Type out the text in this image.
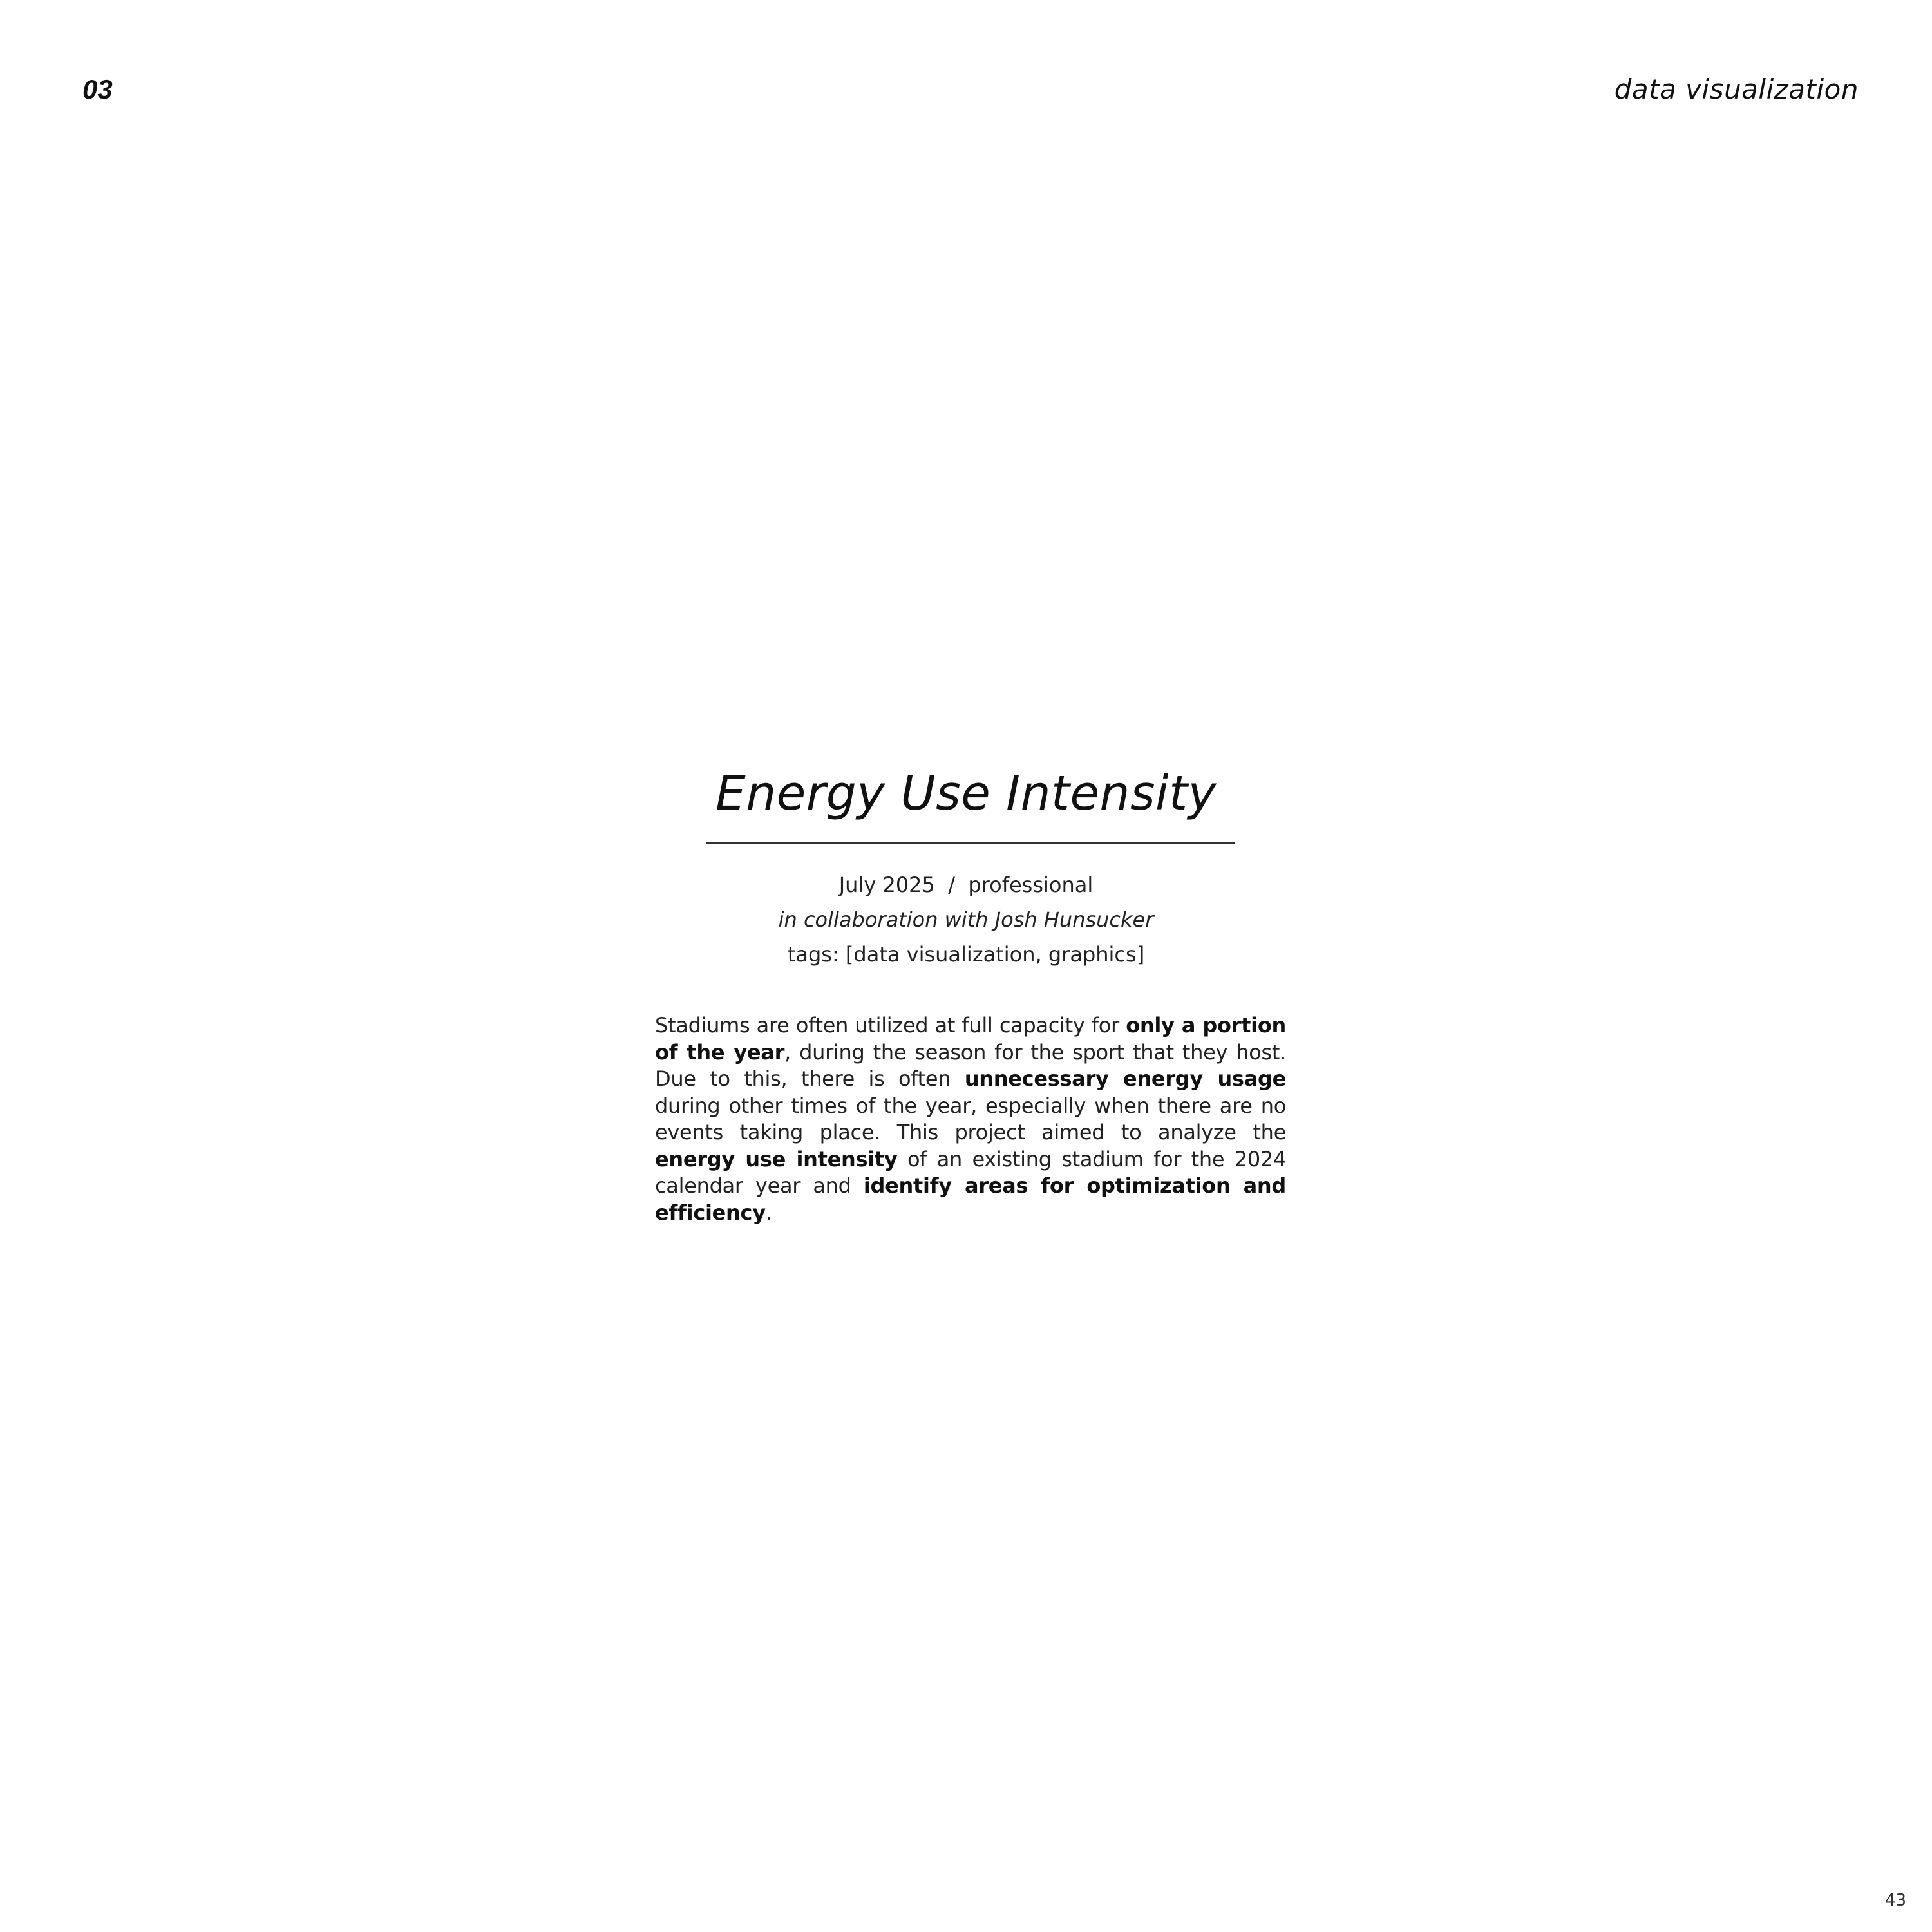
03	data visualization
Energy Use Intensity
July 2025  /  professional
in collaboration with Josh Hunsucker
tags: [data visualization, graphics]

Stadiums are often utilized at full capacity for only a portion of the year, during the season for the sport that they host. Due to this, there is often unnecessary energy usage during other times of the year, especially when there are no events taking place. This project aimed to analyze the energy use intensity of an existing stadium for the 2024 calendar year and identify areas for optimization and efficiency.

43
